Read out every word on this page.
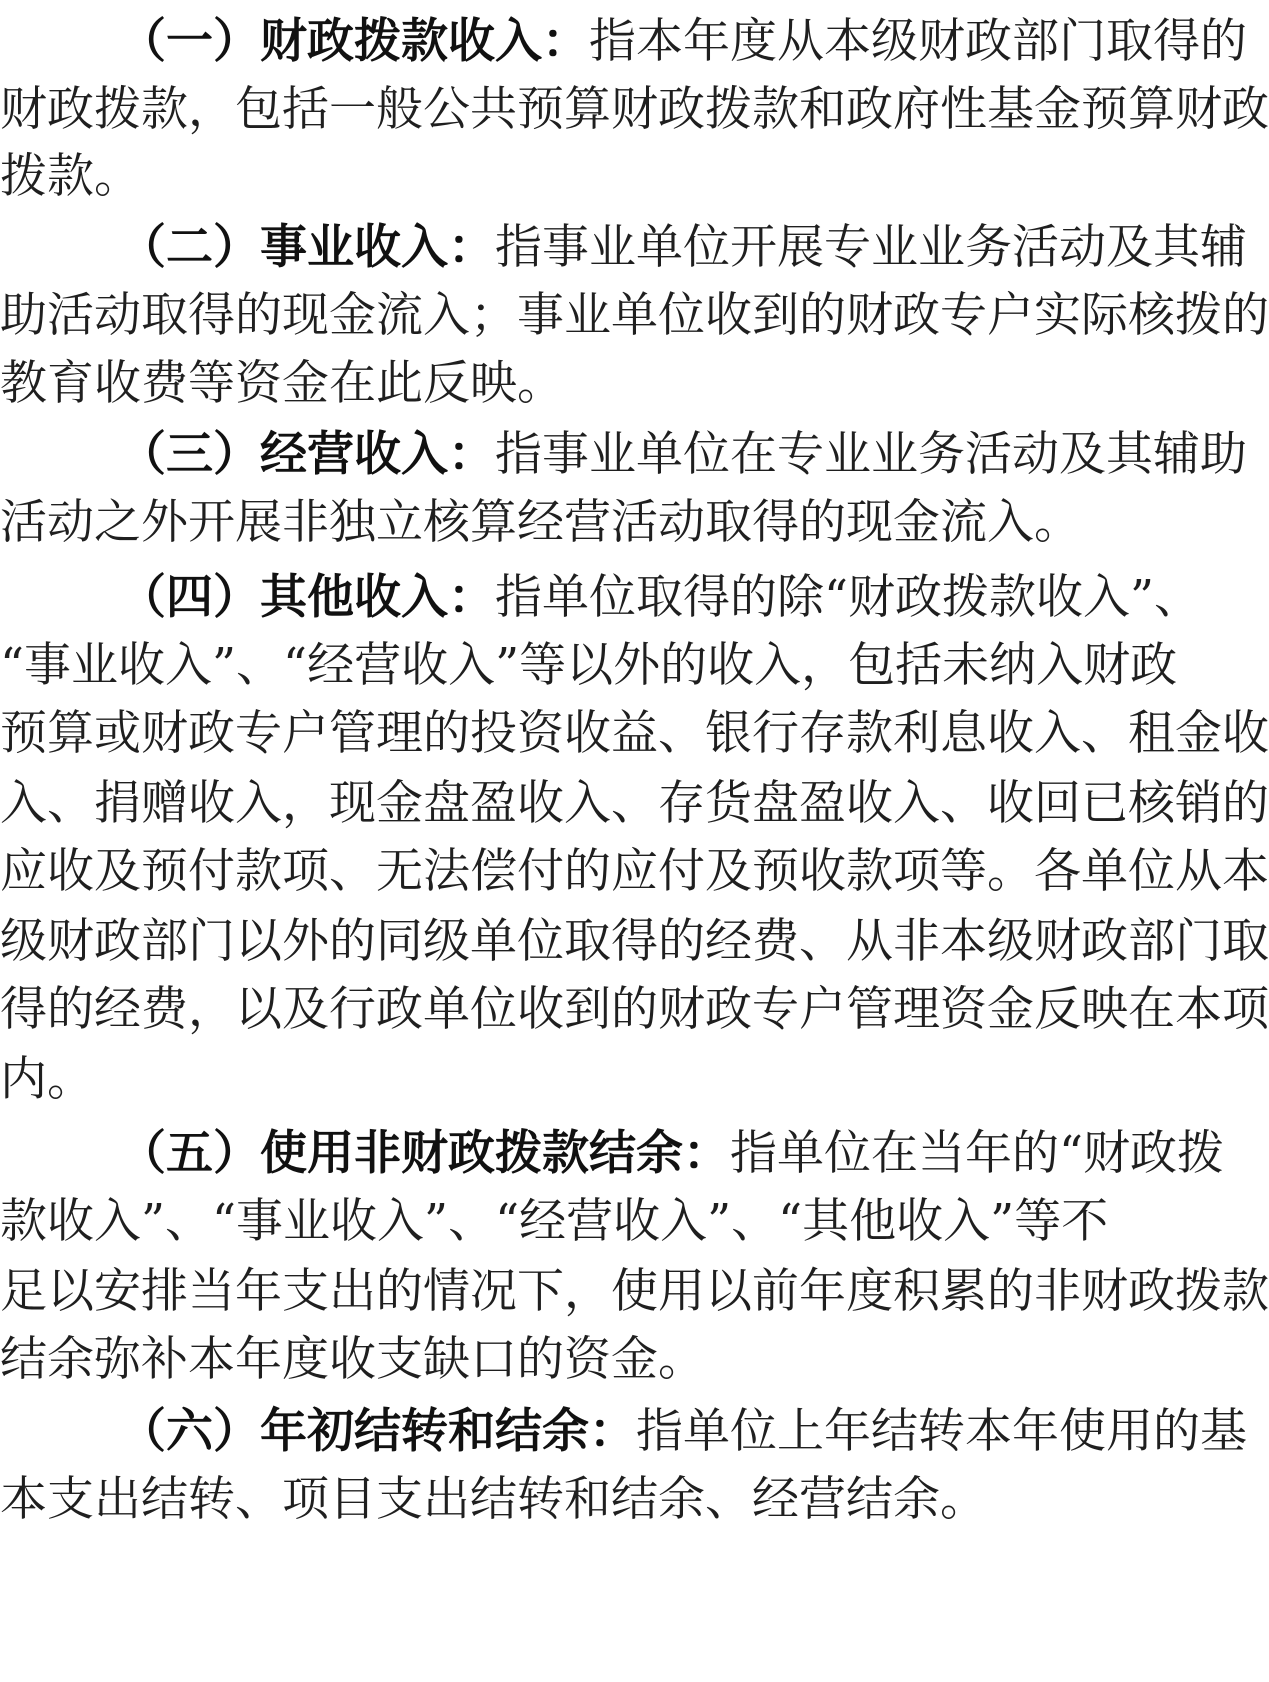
（一）财政拨款收入：指本年度从本级财政部门取得的
财政拨款，包括一般公共预算财政拨款和政府性基金预算财政
拨款。
（二）事业收入：指事业单位开展专业业务活动及其辅
助活动取得的现金流入；事业单位收到的财政专户实际核拨的
教育收费等资金在此反映。
（三）经营收入：指事业单位在专业业务活动及其辅助
活动之外开展非独立核算经营活动取得的现金流入。
（四）其他收入：指单位取得的除“财政拨款收入”、
“事业收入”、“经营收入”等以外的收入，包括未纳入财政
预算或财政专户管理的投资收益、银行存款利息收入、租金收
入、捐赠收入，现金盘盈收入、存货盘盈收入、收回已核销的
应收及预付款项、无法偿付的应付及预收款项等。各单位从本
级财政部门以外的同级单位取得的经费、从非本级财政部门取
得的经费，以及行政单位收到的财政专户管理资金反映在本项
内。
（五）使用非财政拨款结余：指单位在当年的“财政拨
款收入”、“事业收入”、“经营收入”、“其他收入”等不
足以安排当年支出的情况下，使用以前年度积累的非财政拨款
结余弥补本年度收支缺口的资金。
（六）年初结转和结余：指单位上年结转本年使用的基
本支出结转、项目支出结转和结余、经营结余。
